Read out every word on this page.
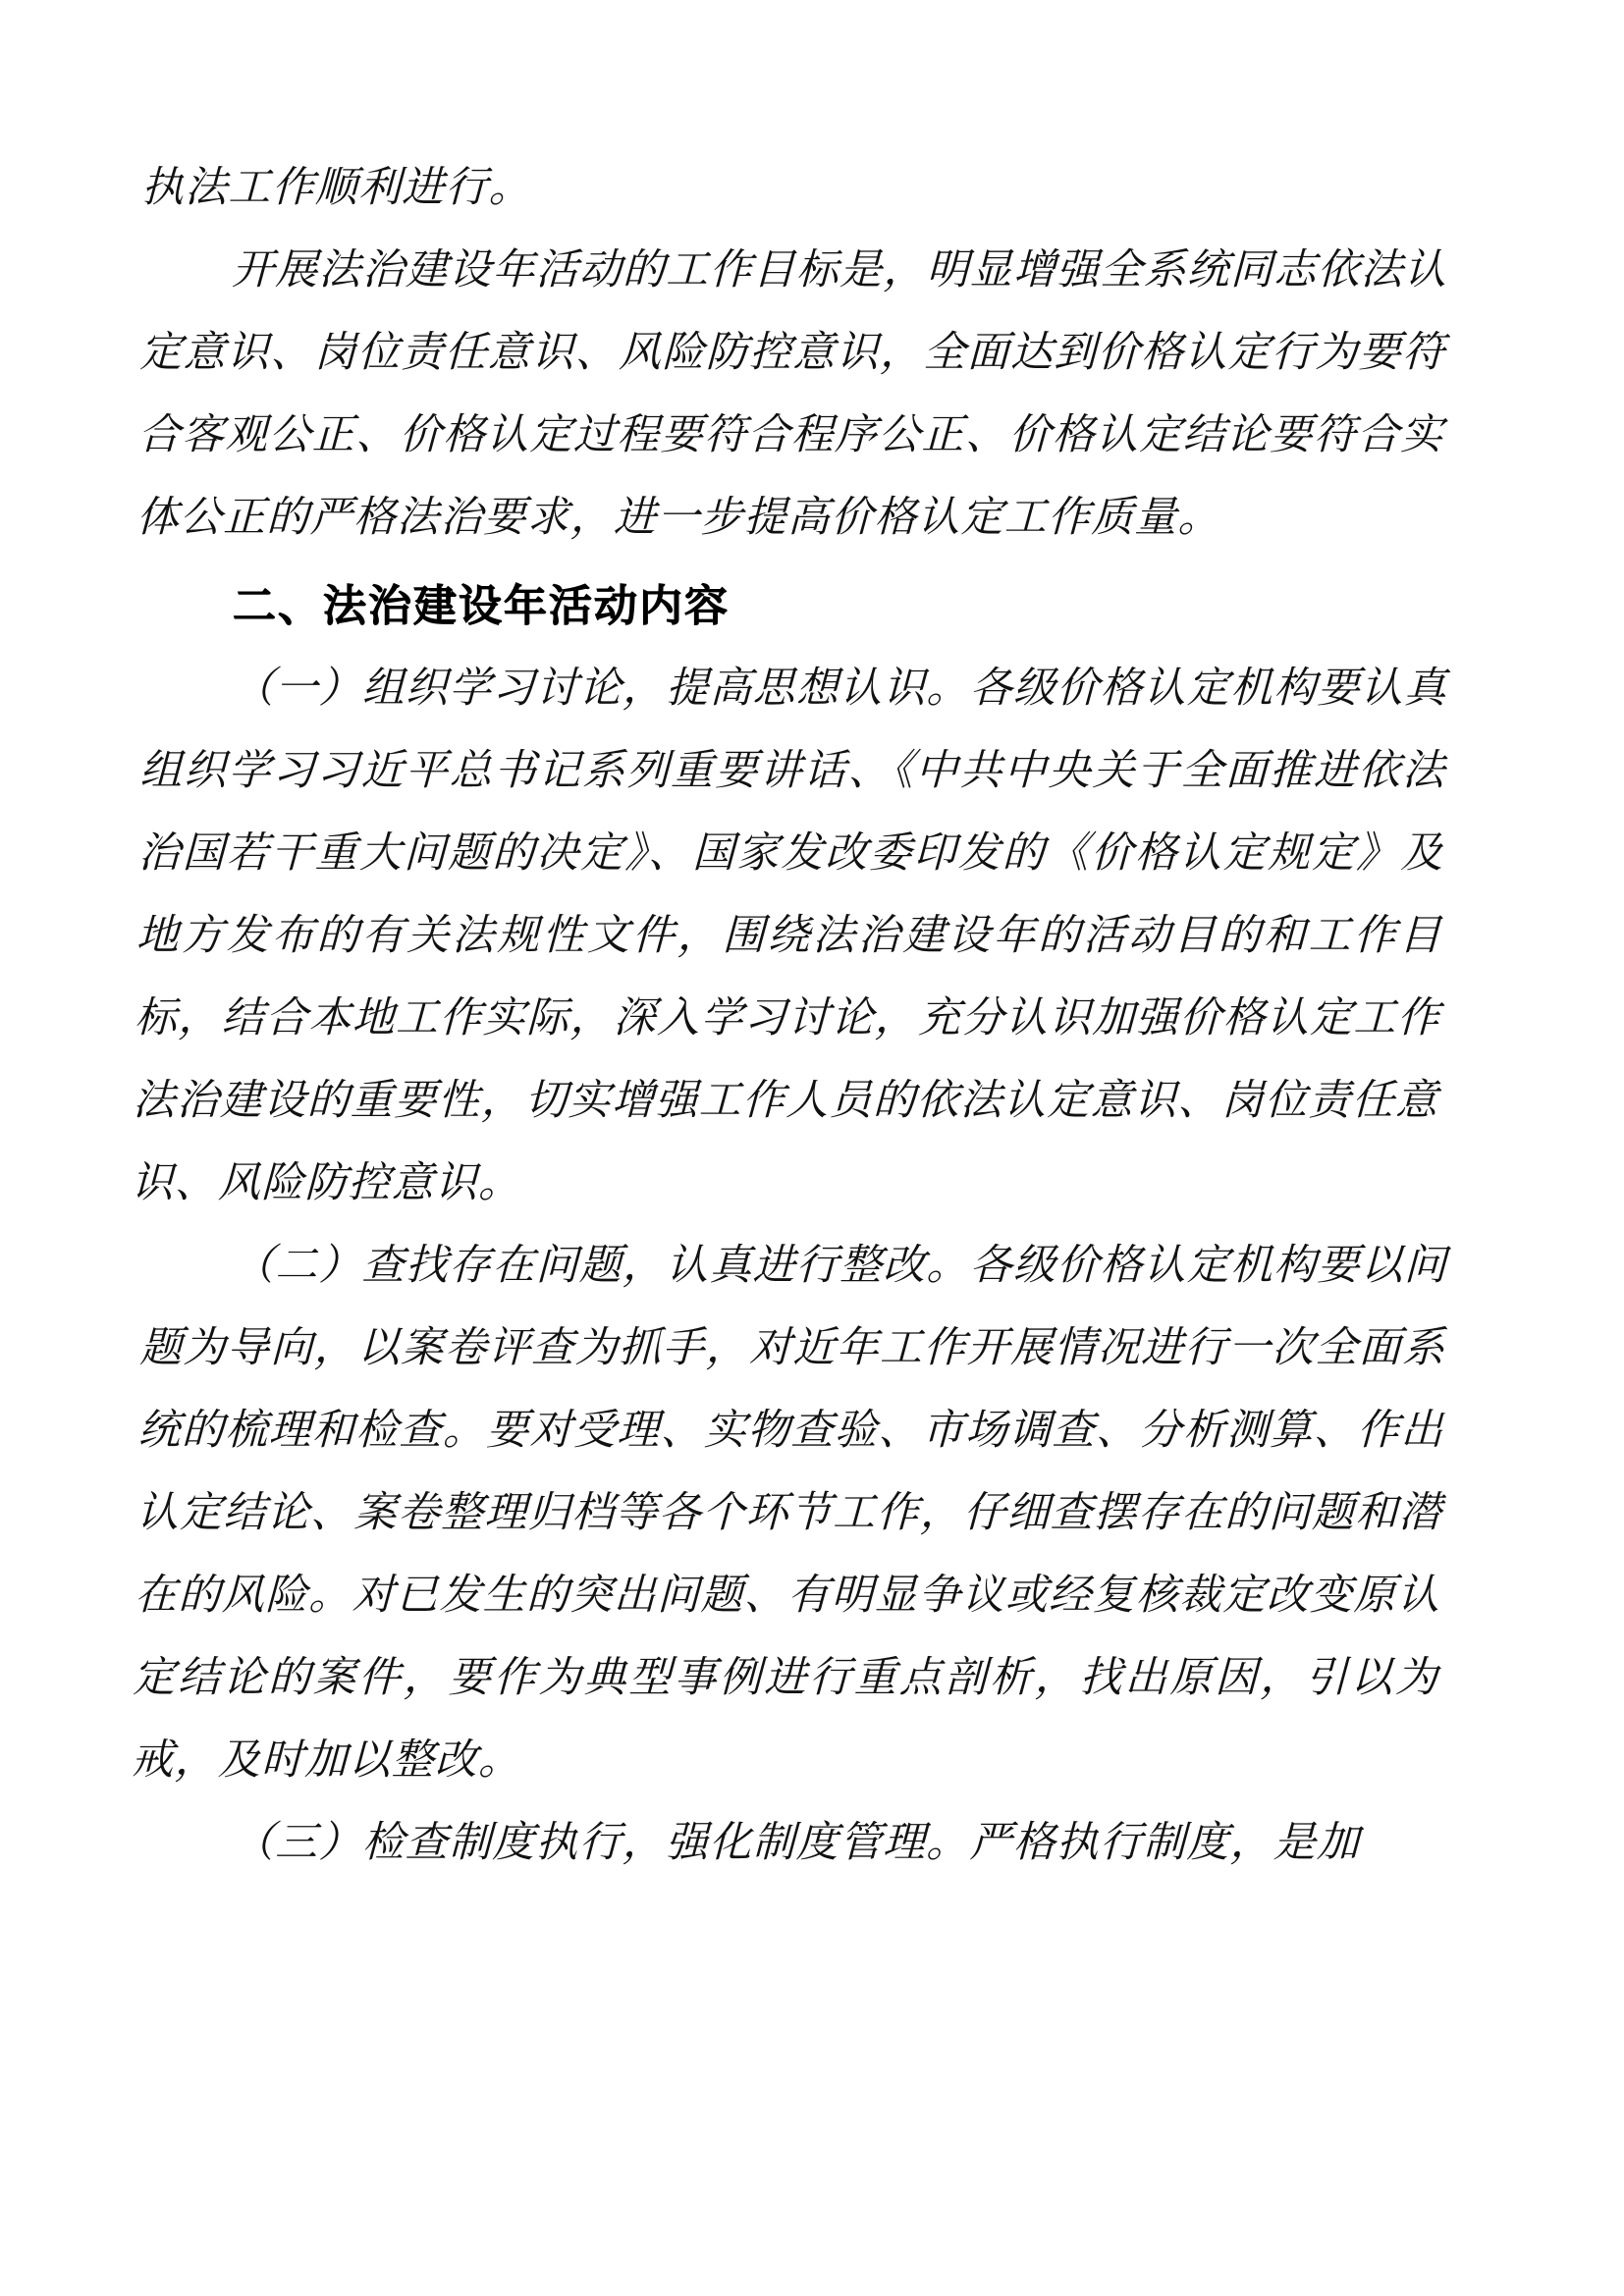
执法工作顺利进行。

开展法治建设年活动的工作目标是，明显增强全系统同志依法认定意识、岗位责任意识、风险防控意识，全面达到价格认定行为要符合客观公正、价格认定过程要符合程序公正、价格认定结论要符合实体公正的严格法治要求，进一步提高价格认定工作质量。

二、法治建设年活动内容

（一）组织学习讨论，提高思想认识。各级价格认定机构要认真组织学习习近平总书记系列重要讲话、《中共中央关于全面推进依法治国若干重大问题的决定》、国家发改委印发的《价格认定规定》及地方发布的有关法规性文件，围绕法治建设年的活动目的和工作目标，结合本地工作实际，深入学习讨论，充分认识加强价格认定工作法治建设的重要性，切实增强工作人员的依法认定意识、岗位责任意识、风险防控意识。

（二）查找存在问题，认真进行整改。各级价格认定机构要以问题为导向，以案卷评查为抓手，对近年工作开展情况进行一次全面系统的梳理和检查。要对受理、实物查验、市场调查、分析测算、作出认定结论、案卷整理归档等各个环节工作，仔细查摆存在的问题和潜在的风险。对已发生的突出问题、有明显争议或经复核裁定改变原认定结论的案件，要作为典型事例进行重点剖析，找出原因，引以为戒，及时加以整改。

（三）检查制度执行，强化制度管理。严格执行制度，是加
